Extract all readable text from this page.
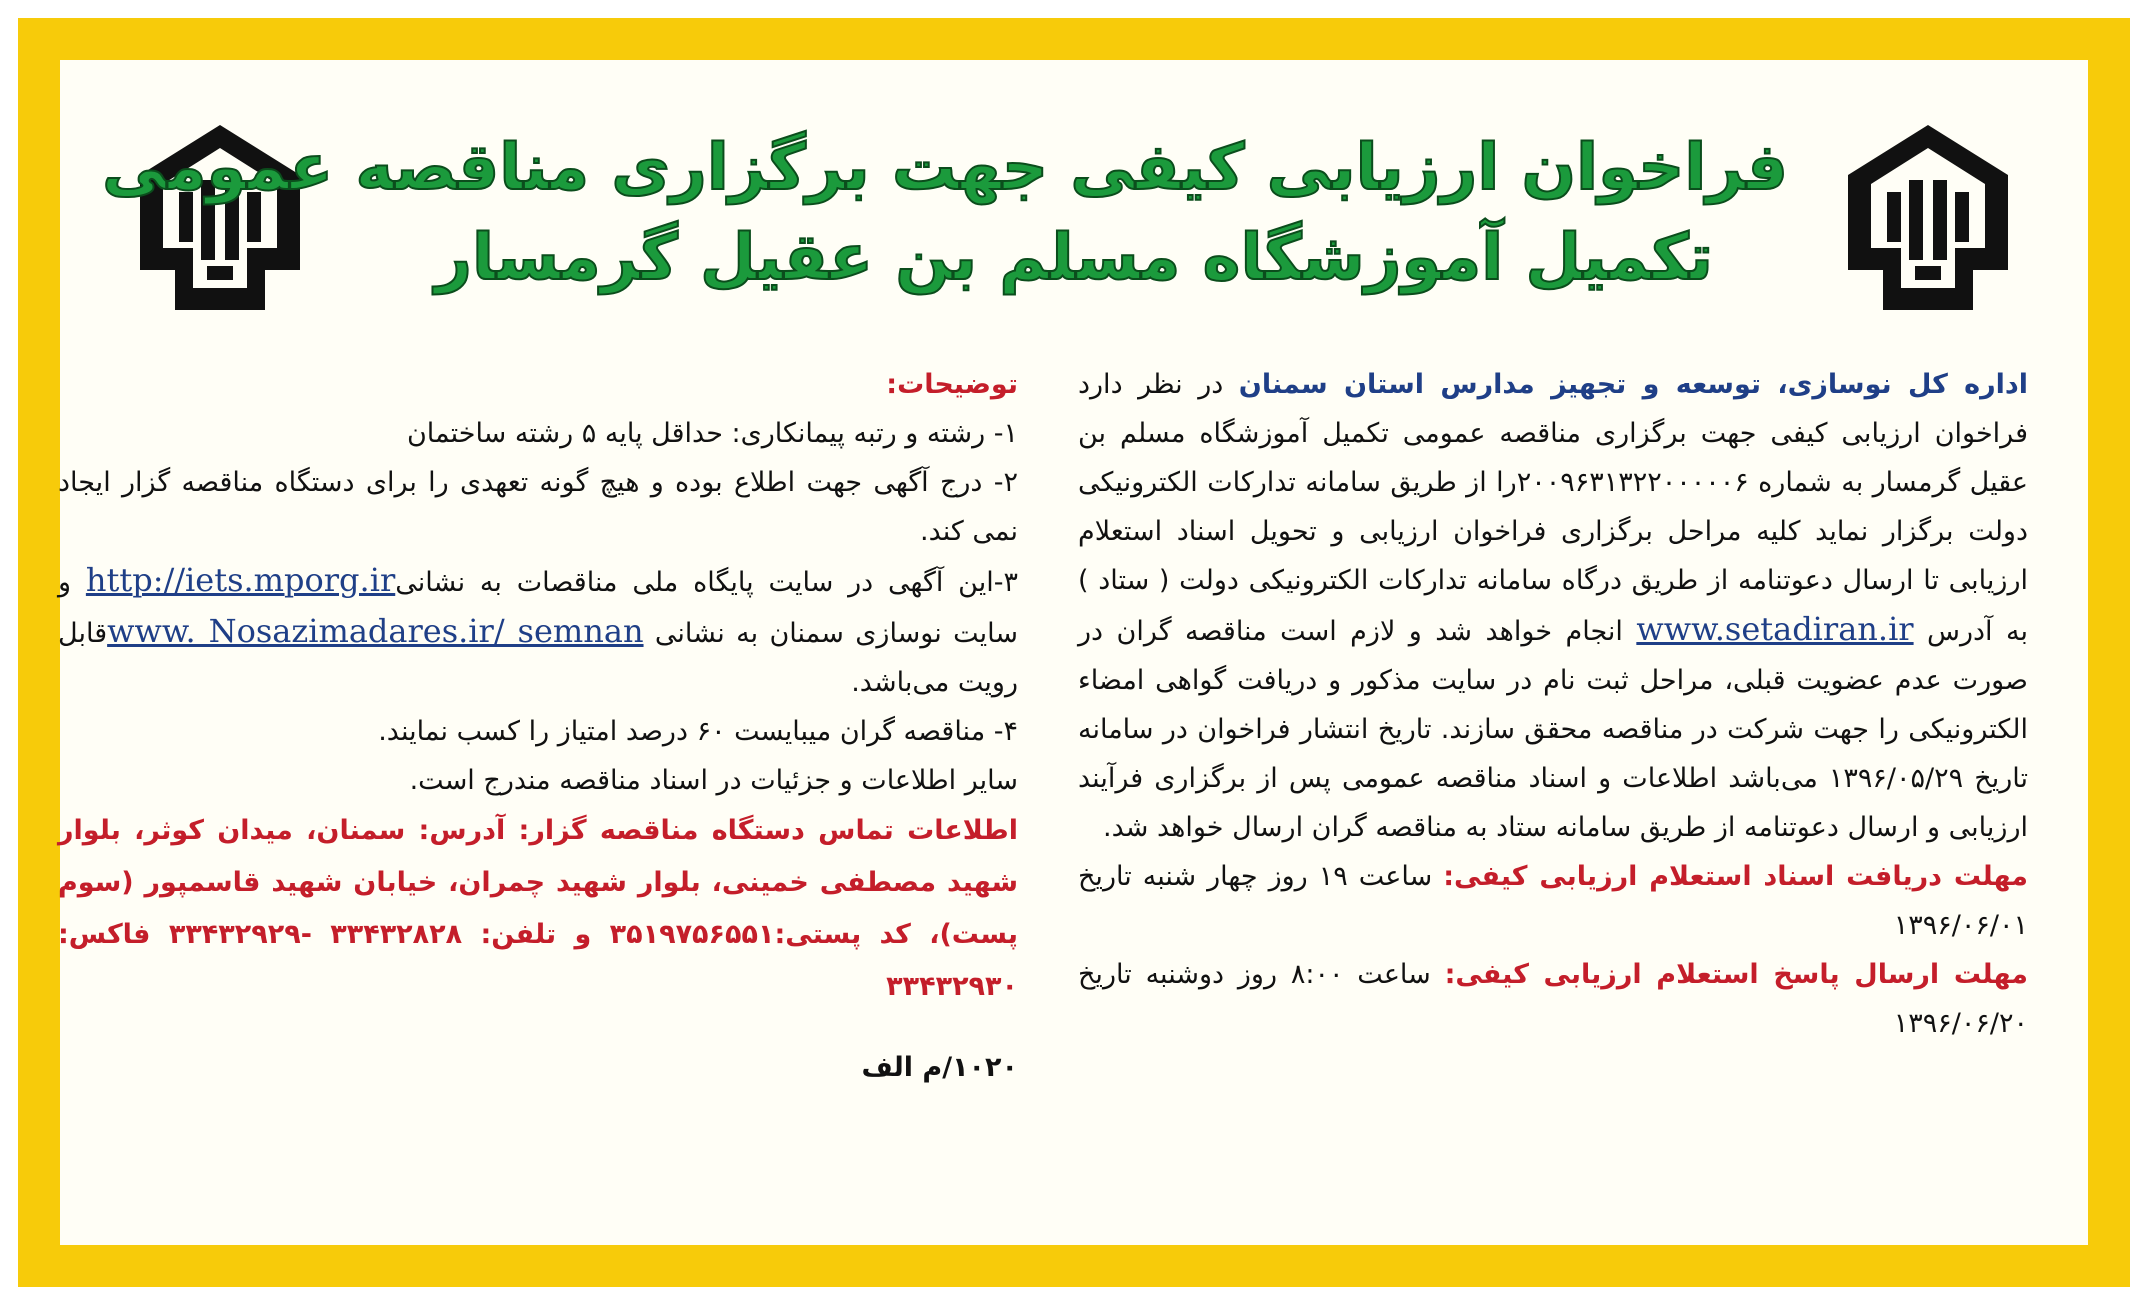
فراخوان ارزیابی کیفی جهت برگزاری مناقصه عمومی
تکمیل آموزشگاه مسلم بن عقیل گرمسار

اداره کل نوسازی، توسعه و تجهیز مدارس استان سمنان در نظر دارد فراخوان ارزیابی کیفی جهت برگزاری مناقصه عمومی تکمیل آموزشگاه مسلم بن عقیل گرمسار به شماره ۲۰۰۹۶۳۱۳۲۲۰۰۰۰۰۶را از طریق سامانه تدارکات الکترونیکی دولت برگزار نماید کلیه مراحل برگزاری فراخوان ارزیابی و تحویل اسناد استعلام ارزیابی تا ارسال دعوتنامه از طریق درگاه سامانه تدارکات الکترونیکی دولت ( ستاد ) به آدرس www.setadiran.ir انجام خواهد شد و لازم است مناقصه گران در صورت عدم عضویت قبلی، مراحل ثبت نام در سایت مذکور و دریافت گواهی امضاء الکترونیکی را جهت شرکت در مناقصه محقق سازند. تاریخ انتشار فراخوان در سامانه تاریخ ۱۳۹۶/۰۵/۲۹ می‌باشد اطلاعات و اسناد مناقصه عمومی پس از برگزاری فرآیند ارزیابی و ارسال دعوتنامه از طریق سامانه ستاد به مناقصه گران ارسال خواهد شد.

مهلت دریافت اسناد استعلام ارزیابی کیفی: ساعت ۱۹ روز چهار شنبه تاریخ ۱۳۹۶/۰۶/۰۱

مهلت ارسال پاسخ استعلام ارزیابی کیفی: ساعت ۸:۰۰ روز دوشنبه تاریخ ۱۳۹۶/۰۶/۲۰

توضیحات:

۱- رشته و رتبه پیمانکاری: حداقل پایه ۵ رشته ساختمان

۲- درج آگهی جهت اطلاع بوده و هیچ گونه تعهدی را برای دستگاه مناقصه گزار ایجاد نمی کند.

۳-این آگهی در سایت پایگاه ملی مناقصات به نشانیhttp://iets.mporg.ir و سایت نوسازی سمنان به نشانی www. Nosazimadares.ir/ semnanقابل رویت می‌باشد.

۴- مناقصه گران میبایست ۶۰ درصد امتیاز را کسب نمایند.

سایر اطلاعات و جزئیات در اسناد مناقصه مندرج است.

اطلاعات تماس دستگاه مناقصه گزار: آدرس: سمنان، میدان کوثر، بلوار شهید مصطفی خمینی، بلوار شهید چمران، خیابان شهید قاسمپور (سوم پست)، کد پستی:۳۵۱۹۷۵۶۵۵۱ و تلفن: ۳۳۴۳۲۸۲۸ -۳۳۴۳۲۹۲۹ فاکس: ۳۳۴۳۲۹۳۰

۱۰۲۰/م الف
